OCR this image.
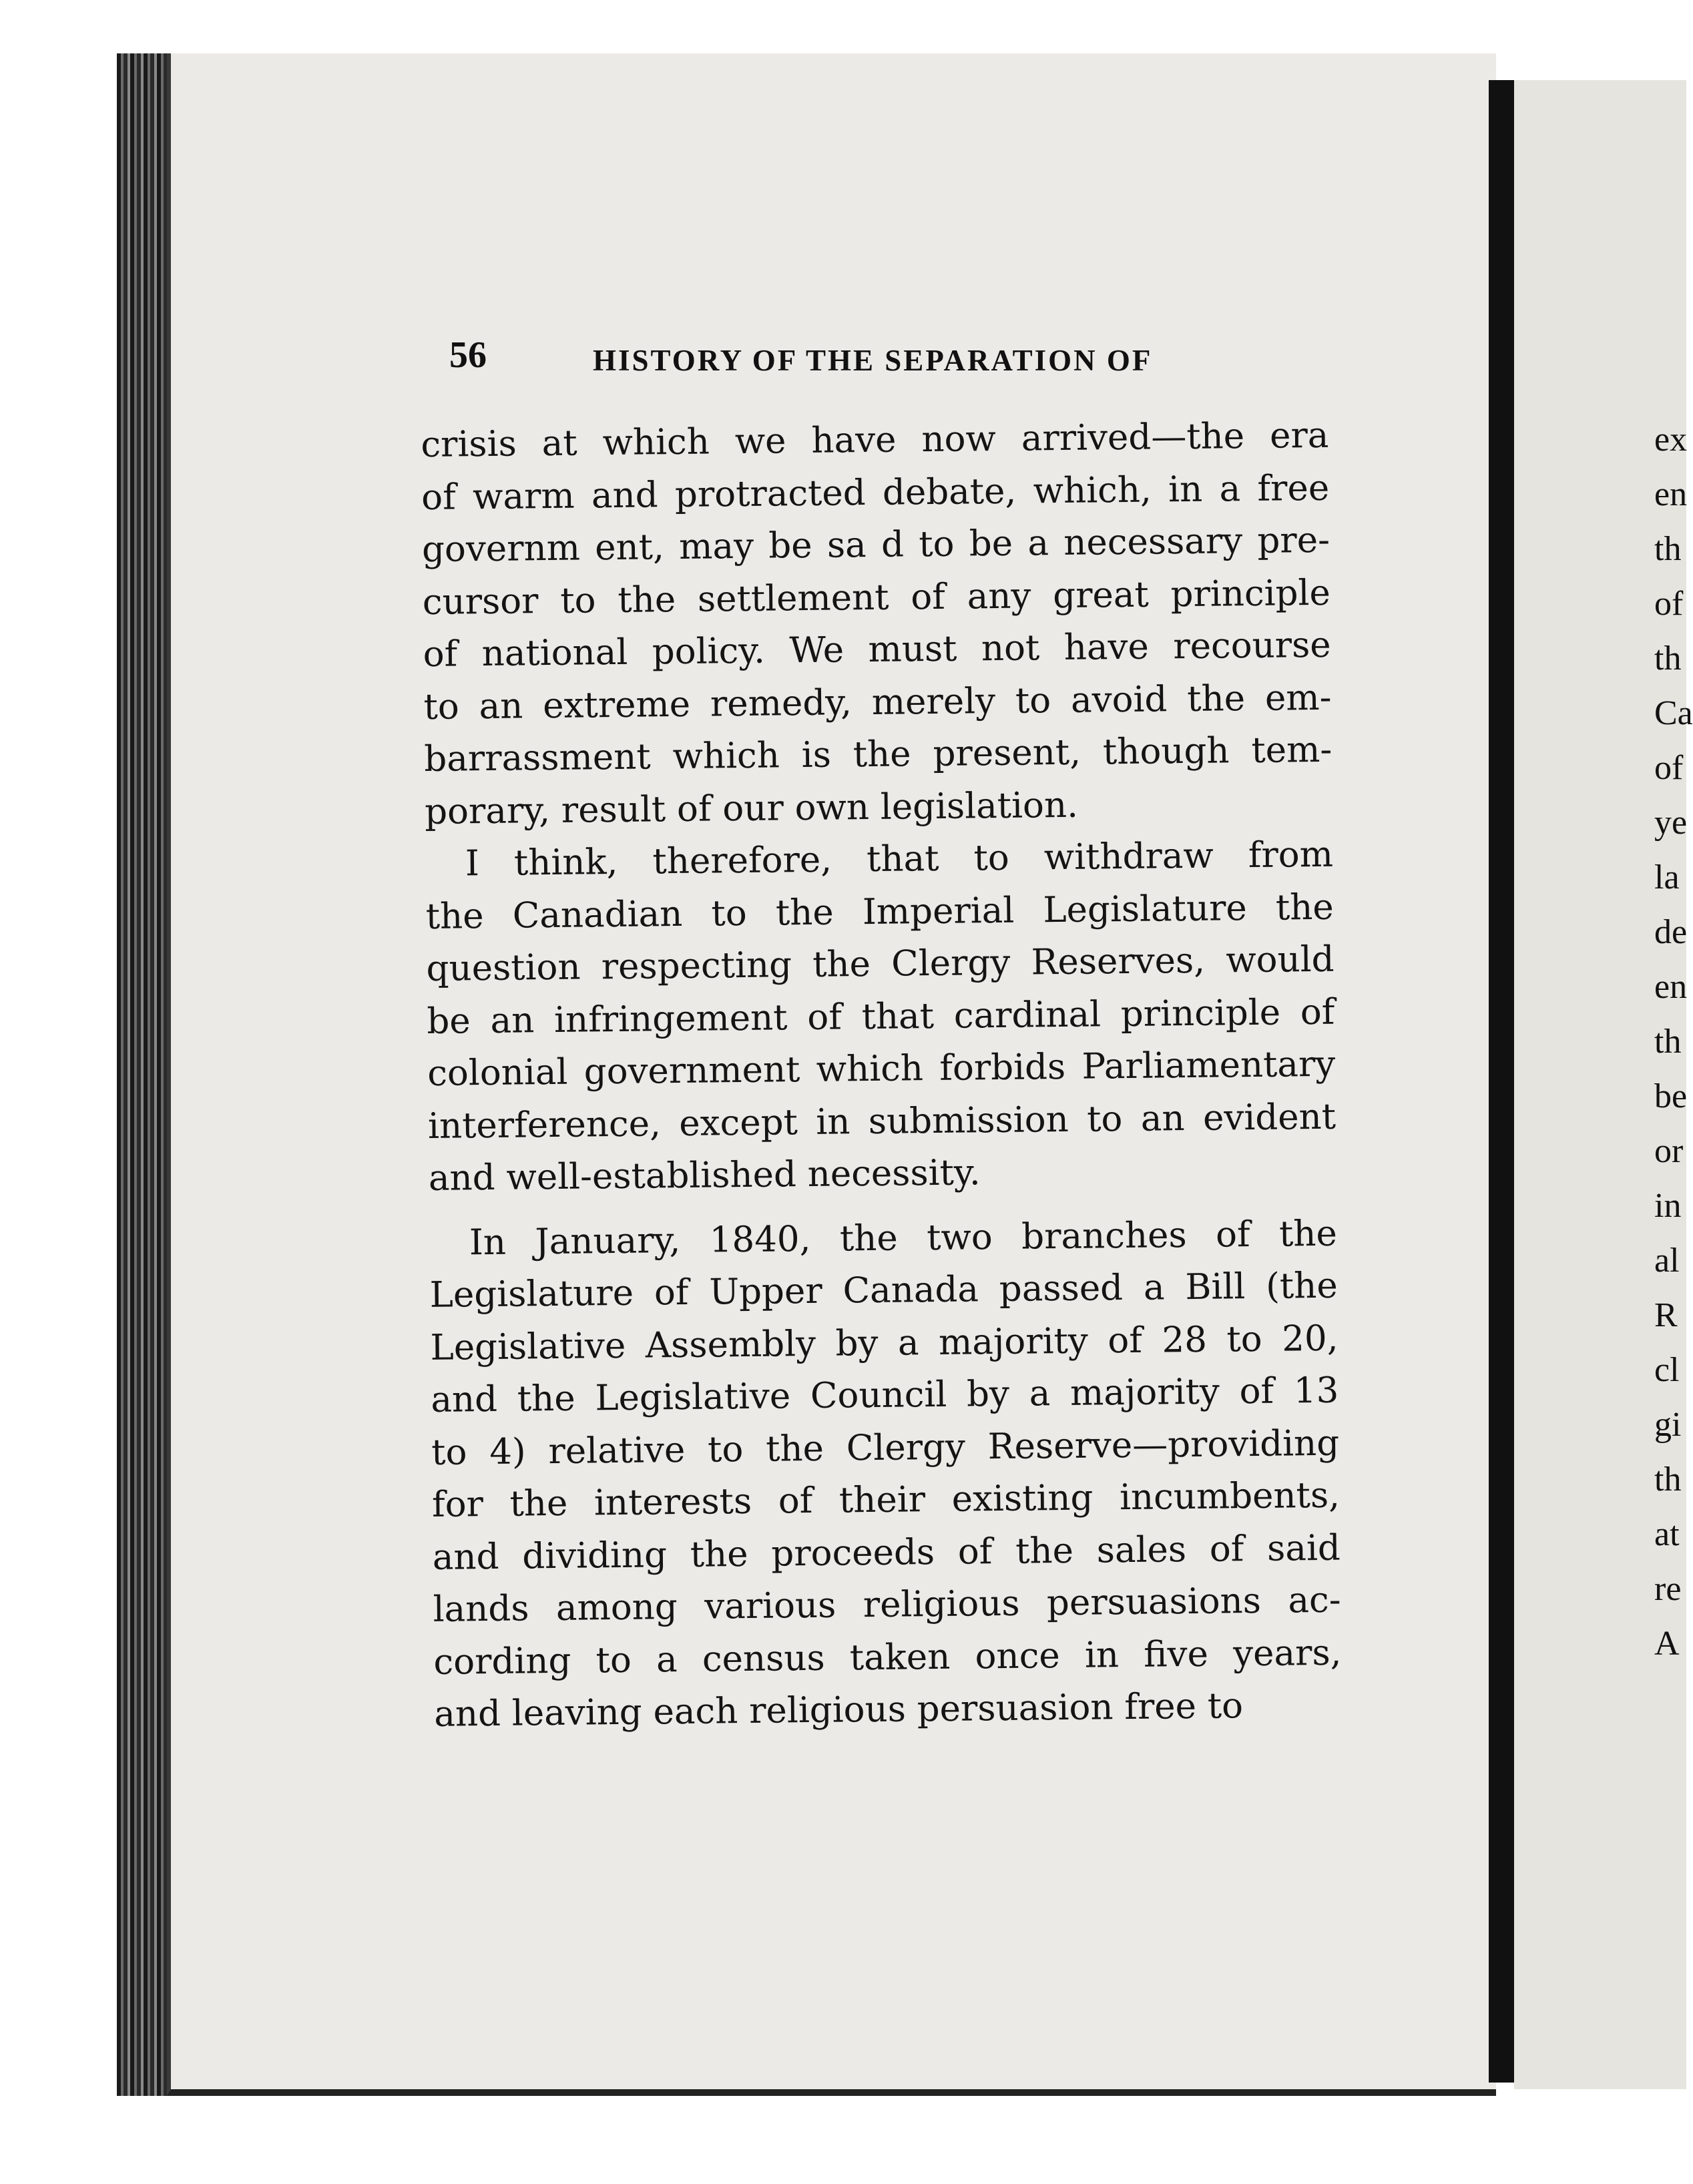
ex
en
th
of
th
Ca
of
ye
la
de
en
th
be
or
in
al
R
cl
gi
th
at
re
A
56	HISTORY OF THE SEPARATION OF
crisis at which we have now arrived—the era
of warm and protracted debate, which, in a free
governm ent, may be sa d to be a necessary pre-
cursor to the settlement of any great principle
of national policy. We must not have recourse
to an extreme remedy, merely to avoid the em-
barrassment which is the present, though tem-
porary, result of our own legislation.
I think, therefore, that to withdraw from
the Canadian to the Imperial Legislature the
question respecting the Clergy Reserves, would
be an infringement of that cardinal principle of
colonial government which forbids Parliamentary
interference, except in submission to an evident
and well-established necessity.
In January, 1840, the two branches of the
Legislature of Upper Canada passed a Bill (the
Legislative Assembly by a majority of 28 to 20,
and the Legislative Council by a majority of 13
to 4) relative to the Clergy Reserve—providing
for the interests of their existing incumbents,
and dividing the proceeds of the sales of said
lands among various religious persuasions ac-
cording to a census taken once in five years,
and leaving each religious persuasion free to
